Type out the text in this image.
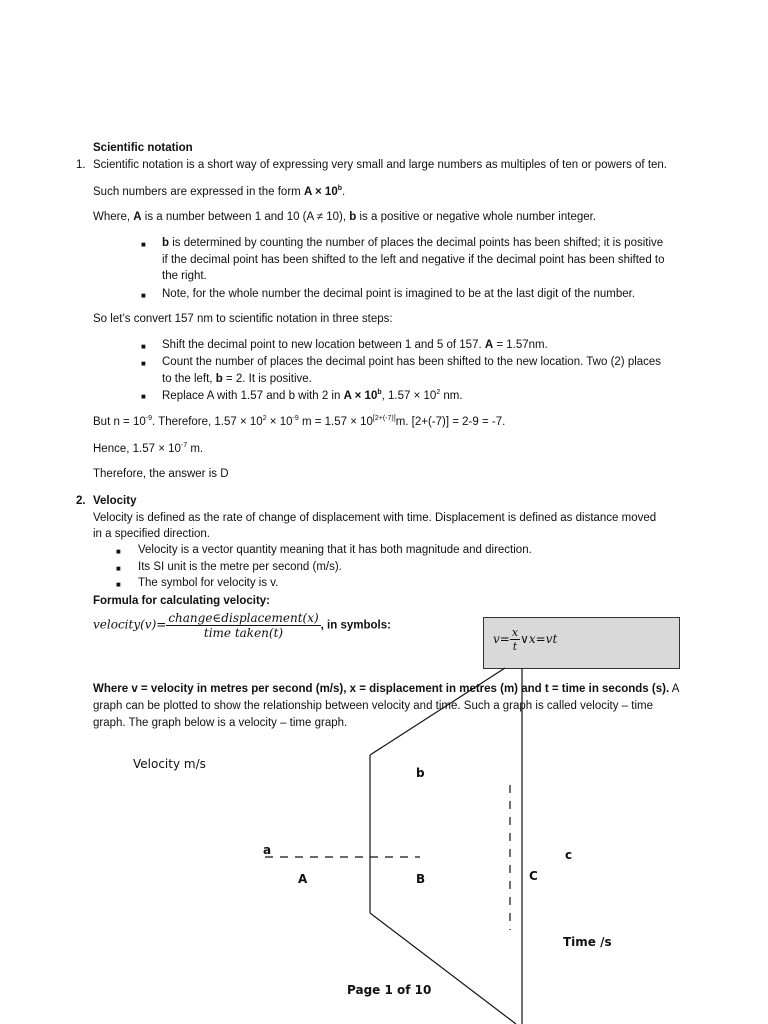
Scientific notation
1. Scientific notation is a short way of expressing very small and large numbers as multiples of ten or powers of ten.
Such numbers are expressed in the form $A \times 10^b$.
Where, A is a number between 1 and 10 (A ≠ 10), b is a positive or negative whole number integer.
■ b is determined by counting the number of places the decimal points has been shifted; it is positive
if the decimal point has been shifted to the left and negative if the decimal point has been shifted to
the right.
■ Note, for the whole number the decimal point is imagined to be at the last digit of the number.
So let’s convert 157 nm to scientific notation in three steps:
■ Shift the decimal point to new location between 1 and 5 of 157. A = 1.57nm.
■ Count the number of places the decimal point has been shifted to the new location. Two (2) places
to the left, b = 2. It is positive.
■ Replace A with 1.57 and b with 2 in $A \times 10^b$, $1.57 \times 10^2$ nm.
But $n = 10^{-9}$. Therefore, $1.57 \times 10^2 \times 10^{-9}$ m = 1.57 × 10[2+(-7)]m. [2+(-7)] = 2-9 = -7.
Hence, $1.57 \times 10^{-7}$ m.
Therefore, the answer is D
2. Velocity
Velocity is defined as the rate of change of displacement with time. Displacement is defined as distance moved
in a specified direction.
■ Velocity is a vector quantity meaning that it has both magnitude and direction.
■ Its SI unit is the metre per second (m/s).
■ The symbol for velocity is v.
Formula for calculating velocity:
velocity(v)= $\frac{\text{change∈displacement(x)}}{\text{time taken(t)}}$ , in symbols:
$v= \frac{x}{t}$ ∨x=vt
Where v = velocity in metres per second (m/s), x = displacement in metres (m) and t = time in seconds (s). A
graph can be plotted to show the relationship between velocity and time. Such a graph is called velocity – time
graph. The graph below is a velocity – time graph.
Velocity m/s
b
a	c
A	B	C
Time /s
Page 1 of 10
